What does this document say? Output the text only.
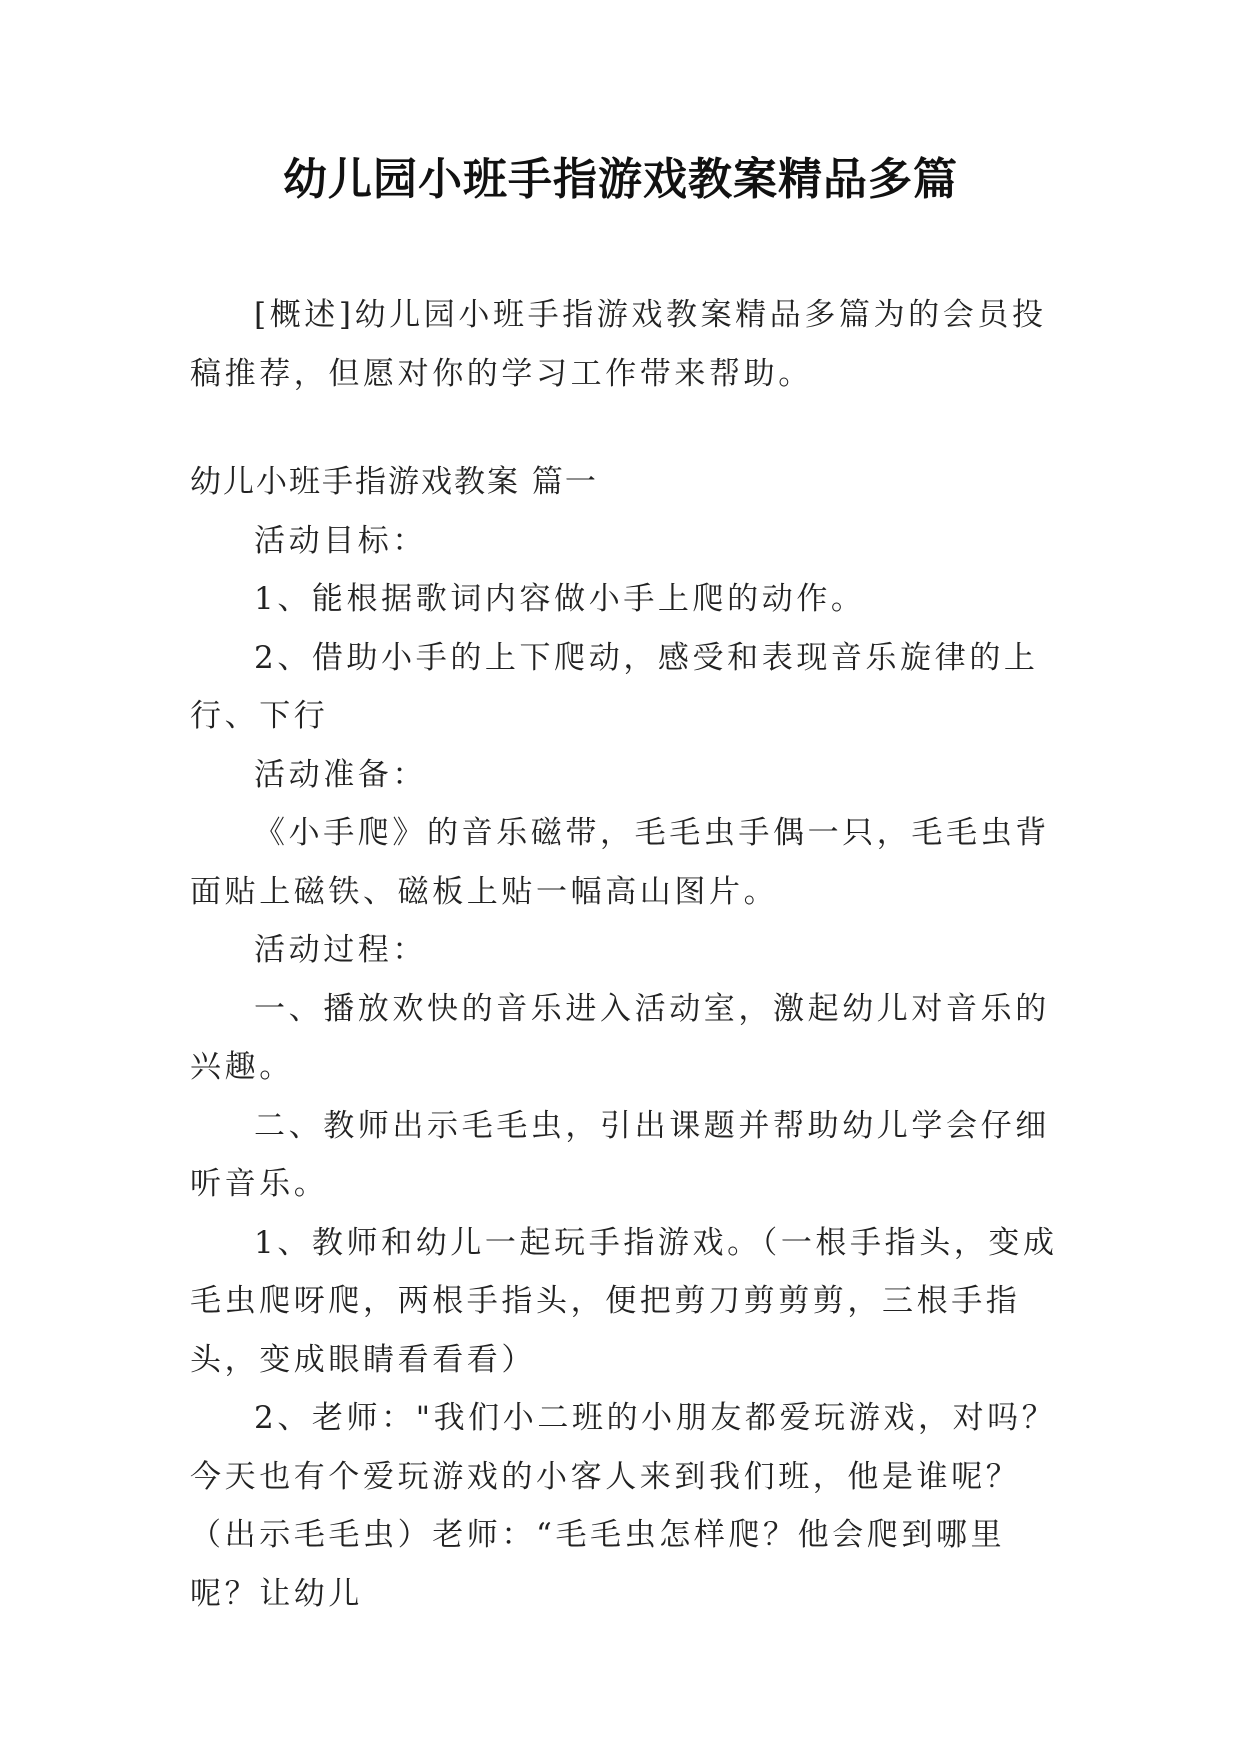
幼儿园小班手指游戏教案精品多篇

[概述]幼儿园小班手指游戏教案精品多篇为的会员投稿推荐，但愿对你的学习工作带来帮助。

幼儿小班手指游戏教案 篇一

活动目标：

1、能根据歌词内容做小手上爬的动作。

2、借助小手的上下爬动，感受和表现音乐旋律的上行、下行

活动准备：

《小手爬》的音乐磁带，毛毛虫手偶一只，毛毛虫背面贴上磁铁、磁板上贴一幅高山图片。

活动过程：

一、播放欢快的音乐进入活动室，激起幼儿对音乐的兴趣。

二、教师出示毛毛虫，引出课题并帮助幼儿学会仔细听音乐。

1、教师和幼儿一起玩手指游戏。（一根手指头，变成毛虫爬呀爬，两根手指头，便把剪刀剪剪剪，三根手指头，变成眼睛看看看）

2、老师："我们小二班的小朋友都爱玩游戏，对吗？今天也有个爱玩游戏的小客人来到我们班，他是谁呢？（出示毛毛虫）老师：“毛毛虫怎样爬？他会爬到哪里呢？让幼儿
